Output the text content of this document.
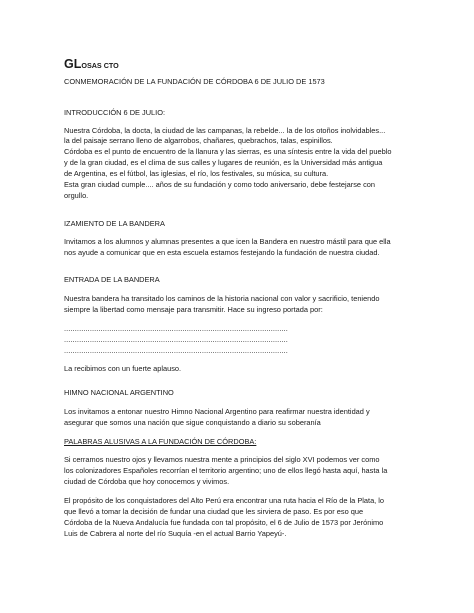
GLOSAS CTO

CONMEMORACIÓN DE LA FUNDACIÓN DE CÓRDOBA 6 DE JULIO DE 1573

INTRODUCCIÓN 6 DE JULIO:

Nuestra Córdoba, la docta, la ciudad de las campanas, la rebelde... la de los otoños inolvidables...
la del paisaje serrano lleno de algarrobos, chañares, quebrachos, talas, espinillos.
Córdoba es el punto de encuentro de la llanura y las sierras, es una síntesis entre la vida del pueblo
y de la gran ciudad, es el clima de sus calles y lugares de reunión, es la Universidad más antigua
de Argentina, es el fútbol, las iglesias, el río, los festivales, su música, su cultura.
Esta gran ciudad cumple.... años de su fundación y como todo aniversario, debe festejarse con
orgullo.

IZAMIENTO DE LA BANDERA

Invitamos a los alumnos y alumnas presentes a que icen la Bandera en nuestro mástil para que ella
nos ayude a comunicar que en esta escuela estamos festejando la fundación de nuestra ciudad.

ENTRADA DE LA BANDERA

Nuestra bandera ha transitado los caminos de la historia nacional con valor y sacrificio, teniendo
siempre la libertad como mensaje para transmitir. Hace su ingreso portada por:

........................................................................................................

........................................................................................................

........................................................................................................

La recibimos con un fuerte aplauso.

HIMNO NACIONAL ARGENTINO

Los invitamos a entonar nuestro Himno Nacional Argentino para reafirmar nuestra identidad y
asegurar que somos una nación que sigue conquistando a diario su soberanía

PALABRAS ALUSIVAS A LA FUNDACIÓN DE CÓRDOBA:

Si cerramos nuestro ojos y llevamos nuestra mente a principios del siglo XVI podemos ver como
los colonizadores Españoles recorrían el territorio argentino; uno de ellos llegó hasta aquí, hasta la
ciudad de Córdoba que hoy conocemos y vivimos.
El propósito de los conquistadores del Alto Perú era encontrar una ruta hacia el Río de la Plata, lo
que llevó a tomar la decisión de fundar una ciudad que les sirviera de paso. Es por eso que
Córdoba de la Nueva Andalucía fue fundada con tal propósito, el 6 de Julio de 1573 por Jerónimo
Luis de Cabrera al norte del río Suquía -en el actual Barrio Yapeyú-.
